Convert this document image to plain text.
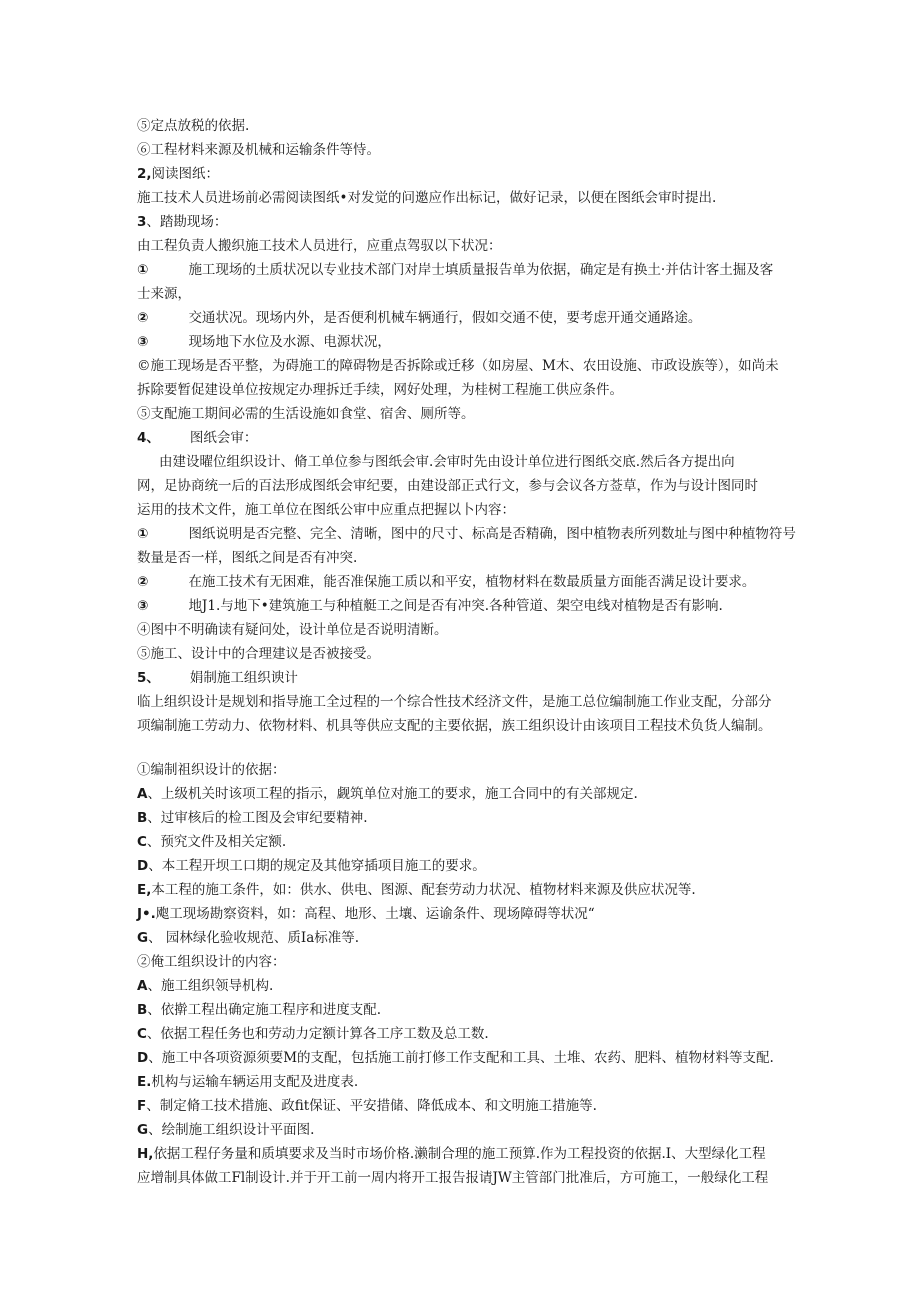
⑤定点放税的依据.
⑥工程材料来源及机械和运输条件等恃。
2,阅读图纸：
施工技术人员进场前必需阅读图纸•对发觉的问邀应作出标记，做好记录，以便在图纸会审时提出.
3、踏勘现场：
由工程负责人搬织施工技术人员进行，应重点驾驭以下状况：
①	施工现场的土质状况以专业技术部门对岸士填质量报告单为依据，确定是有换土·并估计客土掘及客
士来源，
②	交通状况。现场内外，是否便利机械车辆通行，假如交通不使，要考虑开通交通路途。
③	现场地下水位及水源、电源状况，
©施工现场是否平整，为碍施工的障碍物是否拆除或迁移（如房屋、M木、农田设施、市政设族等），如尚未
拆除要暂促建设单位按规定办理拆迁手续，网好处理，为桂树工程施工供应条件。
⑤支配施工期间必需的生活设施如食堂、宿舍、厕所等。
4、 图纸会审：
由建设曜位组织设计、脩工单位参与图纸会审.会审时先由设计单位进行图纸交底.然后各方提出向
网，足协商统一后的百法形成图纸会审纪要，由建设部正式行文，参与会议各方莶草，作为与设计图同时
运用的技术文件，施工单位在图纸公审中应重点把握以卜内容：
①	图纸说明是否完整、完全、清晰，图中的尺寸、标高是否精确，图中植物表所列数址与图中种植物符号
数量是否一样，图纸之间是否有冲突.
②	在施工技术有无困难，能否准保施工质以和平安，植物材料在数最质量方面能否满足设计要求。
③	地J1.与地下•建筑施工与种植艇工之间是否有冲突.各种管道、架空电线对植物是否有影响.
④图中不明确读有疑问处，设计单位是否说明清断。
⑤施工、设计中的合理建议是否被接受。
5、 娟制施工组织谀计
临上组织设计是规划和指导施工全过程的一个综合性技术经济文件，是施工总位编制施工作业支配，分部分
项编制施工劳动力、依物材料、机具等供应支配的主要依据，族工组织设计由该项目工程技术负货人编制。
①编制祖织设计的依据：
A、上级机关时该项工程的指示，觑筑单位对施工的要求，施工合同中的有关部规定.
B、过审核后的检工图及会审纪要精神.
C、预究文件及相关定额.
D、本工程开坝工口期的规定及其他穿插项目施工的要求。
E,本工程的施工条件，如：供水、供电、图源、配套劳动力状况、植物材料来源及供应状况等.
J•.飑工现场勘察资料，如：高程、地形、土壤、运谕条件、现场障碍等状况“
G、 园林绿化验收规范、质Ia标准等.
②俺工组织设计的内容：
A、施工组织领导机构.
B、依擀工程出确定施工程序和进度支配.
C、依据工程任务也和劳动力定额计算各工序工数及总工数.
D、施工中各项资源须要M的支配，包括施工前打修工作支配和工具、土堆、农药、肥料、植物材料等支配.
E.机构与运输车辆运用支配及进度表.
F、制定脩工技术措施、政fit保证、平安措储、降低成本、和文明施工措施等.
G、绘制施工组织设计平面图.
H,依据工程仔务量和质填要求及当时市场价格.濑制合理的施工预算.作为工程投资的依据.I、大型绿化工程
应增制具体做工Fl制设计.并于开工前一周内将开工报告报请JW主管部门批准后，方可施工，一般绿化工程
